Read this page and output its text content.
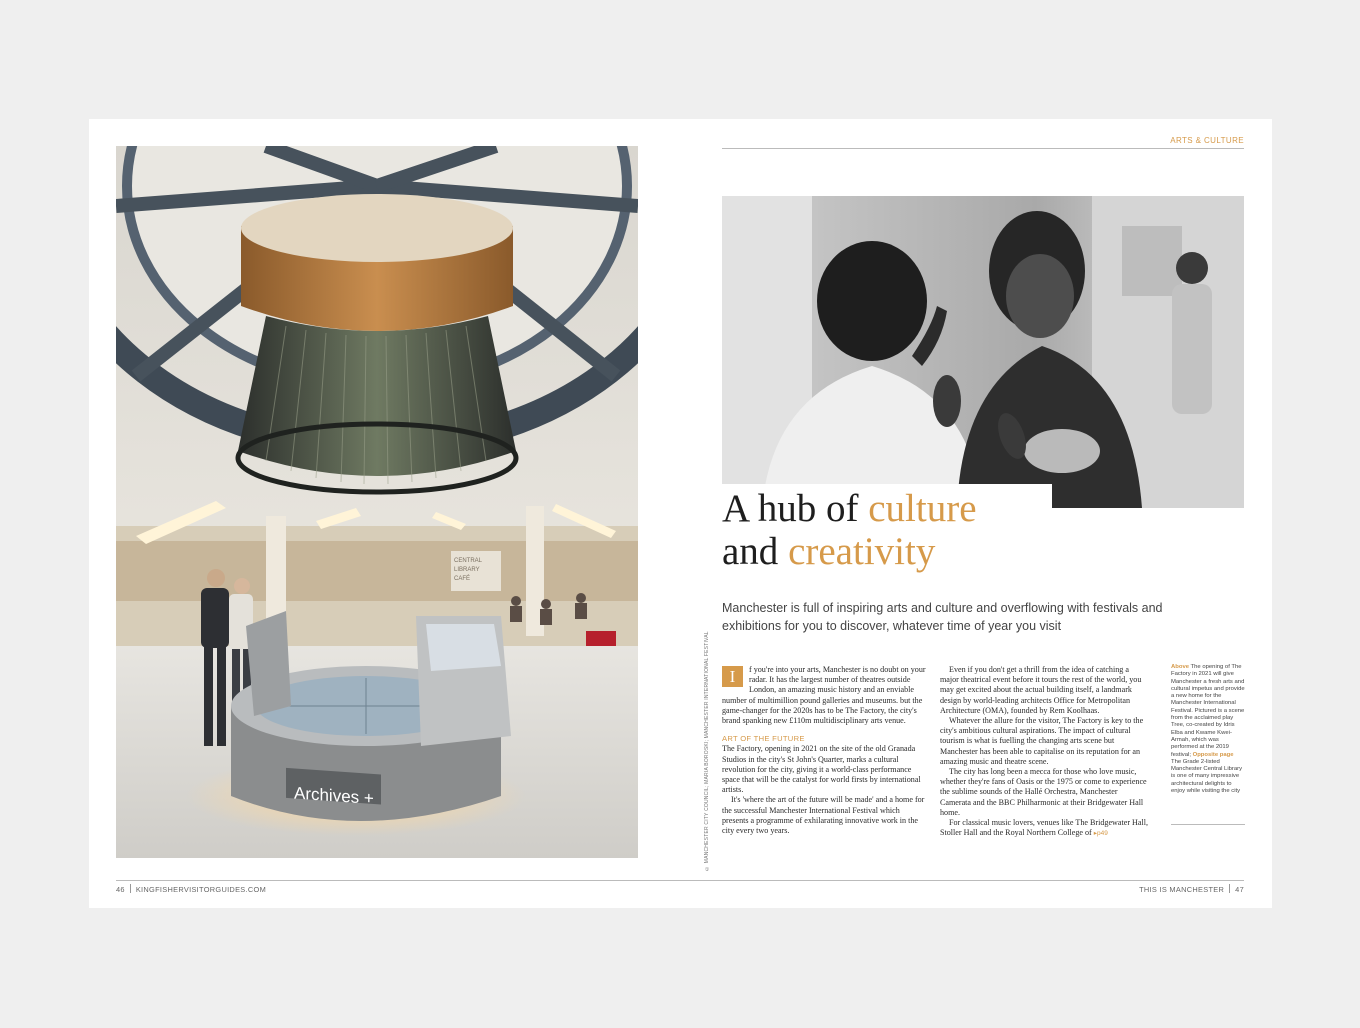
CENTRAL
LIBRARY
CAFÉ
Archives +	© MANCHESTER CITY COUNCIL; MARIA BOROSKI; MANCHESTER INTERNATIONAL FESTIVAL
ARTS & CULTURE
A hub of culture
and creativity
Manchester is full of inspiring arts and culture and overflowing with festivals and exhibitions for you to discover, whatever time of year you visit

I	f you're into your arts, Manchester is no doubt on your radar. It has the largest number of theatres outside London, an amazing music history and an enviable number of multimillion pound galleries and museums. but the game-changer for the 2020s has to be The Factory, the city's brand spanking new £110m multidisciplinary arts venue.

ART OF THE FUTURE

The Factory, opening in 2021 on the site of the old Granada Studios in the city's St John's Quarter, marks a cultural revolution for the city, giving it a world-class performance space that will be the catalyst for world firsts by international artists.

It's 'where the art of the future will be made' and a home for the successful Manchester International Festival which presents a programme of exhilarating innovative work in the city every two years.

Even if you don't get a thrill from the idea of catching a major theatrical event before it tours the rest of the world, you may get excited about the actual building itself, a landmark design by world-leading architects Office for Metropolitan Architecture (OMA), founded by Rem Koolhaas.

Whatever the allure for the visitor, The Factory is key to the city's ambitious cultural aspirations. The impact of cultural tourism is what is fuelling the changing arts scene but Manchester has been able to capitalise on its reputation for an amazing music and theatre scene.

The city has long been a mecca for those who love music, whether they're fans of Oasis or the 1975 or come to experience the sublime sounds of the Hallé Orchestra, Manchester Camerata and the BBC Philharmonic at their Bridgewater Hall home.

For classical music lovers, venues like The Bridgewater Hall, Stoller Hall and the Royal Northern College of ▸p49

Above The opening of The Factory in 2021 will give Manchester a fresh arts and cultural impetus and provide a new home for the Manchester International Festival. Pictured is a scene from the acclaimed play Tree, co-created by Idris Elba and Kwame Kwei-Armah, which was performed at the 2019 festival; Opposite page The Grade 2-listed Manchester Central Library is one of many impressive architectural delights to enjoy while visiting the city
46 KINGFISHERVISITORGUIDES.COM	THIS IS MANCHESTER 47
